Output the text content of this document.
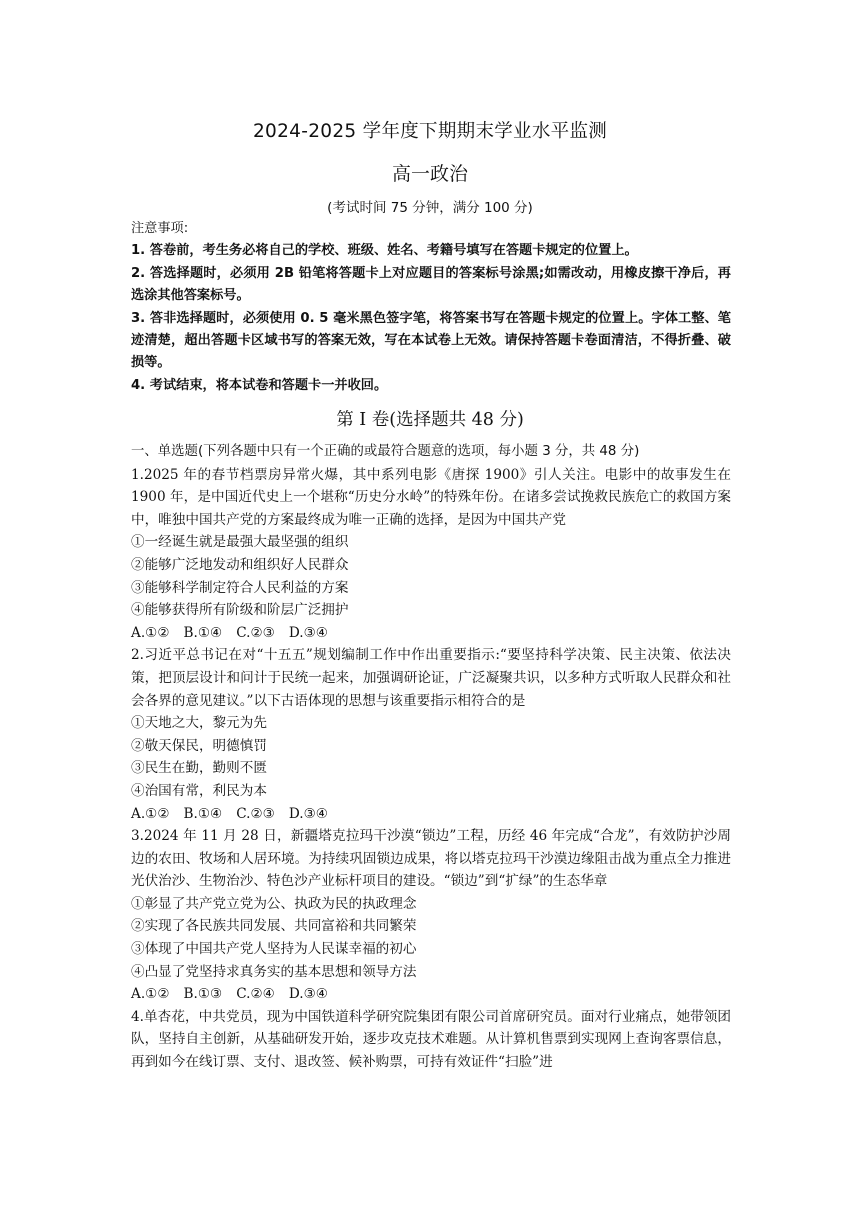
2024-2025 学年度下期期末学业水平监测
高一政治
(考试时间 75 分钟，满分 100 分)
注意事项:

1. 答卷前，考生务必将自己的学校、班级、姓名、考籍号填写在答题卡规定的位置上。

2. 答选择题时，必须用 2B 铅笔将答题卡上对应题目的答案标号涂黑;如需改动，用橡皮擦干净后，再选涂其他答案标号。

3. 答非选择题时，必须使用 0. 5 毫米黑色签字笔，将答案书写在答题卡规定的位置上。字体工整、笔迹清楚，超出答题卡区域书写的答案无效，写在本试卷上无效。请保持答题卡卷面清洁，不得折叠、破损等。

4. 考试结束，将本试卷和答题卡一并收回。

第 I 卷(选择题共 48 分)

一、单选题(下列各题中只有一个正确的或最符合题意的选项，每小题 3 分，共 48 分)

1.2025 年的春节档票房异常火爆，其中系列电影《唐探 1900》引人关注。电影中的故事发生在 1900 年，是中国近代史上一个堪称“历史分水岭”的特殊年份。在诸多尝试挽救民族危亡的救国方案中，唯独中国共产党的方案最终成为唯一正确的选择，是因为中国共产党

①一经诞生就是最强大最坚强的组织

②能够广泛地发动和组织好人民群众

③能够科学制定符合人民利益的方案

④能够获得所有阶级和阶层广泛拥护

A.①② B.①④ C.②③ D.③④

2.习近平总书记在对“十五五”规划编制工作中作出重要指示:“要坚持科学决策、民主决策、依法决策，把顶层设计和问计于民统一起来，加强调研论证，广泛凝聚共识，以多种方式听取人民群众和社会各界的意见建议。”以下古语体现的思想与该重要指示相符合的是

①天地之大，黎元为先

②敬天保民，明德慎罚

③民生在勤，勤则不匮

④治国有常，利民为本

A.①② B.①④ C.②③ D.③④

3.2024 年 11 月 28 日，新疆塔克拉玛干沙漠“锁边”工程，历经 46 年完成“合龙”，有效防护沙周边的农田、牧场和人居环境。为持续巩固锁边成果，将以塔克拉玛干沙漠边缘阻击战为重点全力推进光伏治沙、生物治沙、特色沙产业标杆项目的建设。“锁边”到“扩绿”的生态华章

①彰显了共产党立党为公、执政为民的执政理念

②实现了各民族共同发展、共同富裕和共同繁荣

③体现了中国共产党人坚持为人民谋幸福的初心

④凸显了党坚持求真务实的基本思想和领导方法

A.①② B.①③ C.②④ D.③④

4.单杏花，中共党员，现为中国铁道科学研究院集团有限公司首席研究员。面对行业痛点，她带领团队，坚持自主创新，从基础研发开始，逐步攻克技术难题。从计算机售票到实现网上查询客票信息，再到如今在线订票、支付、退改签、候补购票，可持有效证件“扫脸”进
